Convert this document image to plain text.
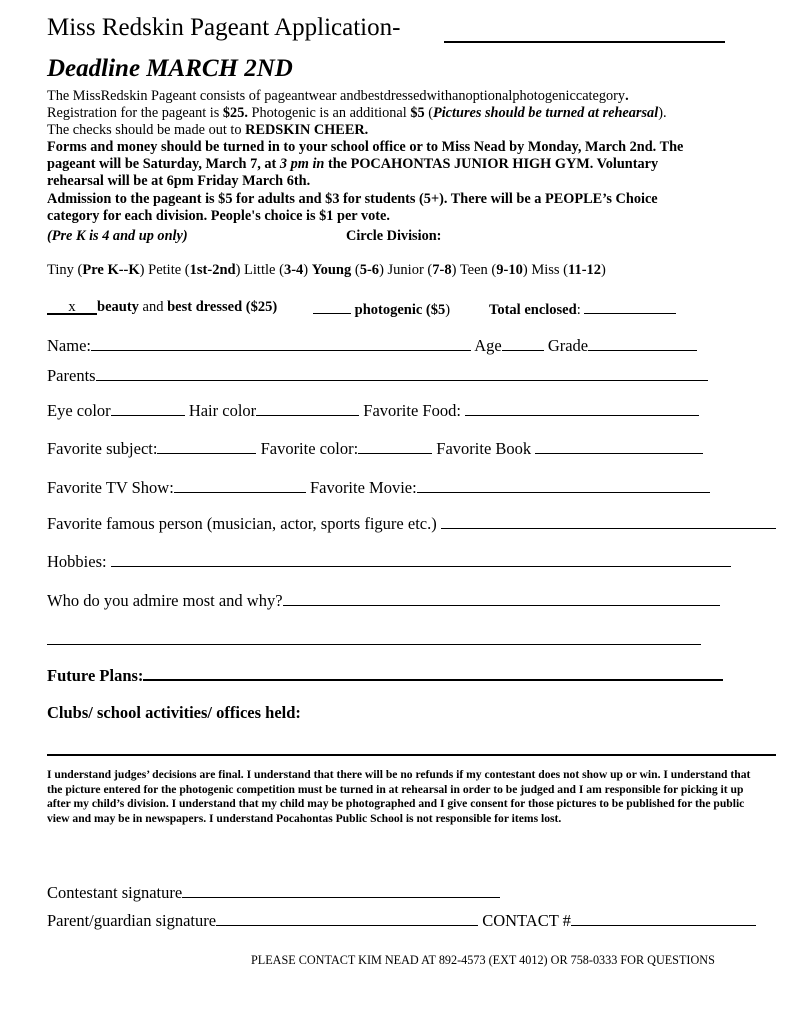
Miss Redskin Pageant Application-
Deadline MARCH 2ND
The MissRedskin Pageant consists of pageantwear andbestdressedwithanoptionalphotogeniccategory.
Registration for the pageant is $25. Photogenic is an additional $5 (Pictures should be turned at rehearsal).
The checks should be made out to REDSKIN CHEER.
Forms and money should be turned in to your school office or to Miss Nead by Monday, March 2nd. The
pageant will be Saturday, March 7, at 3 pm in the POCAHONTAS JUNIOR HIGH GYM. Voluntary
rehearsal will be at 6pm Friday March 6th.
Admission to the pageant is $5 for adults and $3 for students (5+). There will be a PEOPLE’s Choice
category for each division. People's choice is $1 per vote.
(Pre K is 4 and up only)	Circle Division:
Tiny (Pre K--K) Petite (1st-2nd) Little (3-4) Young (5-6) Junior (7-8) Teen (9-10) Miss (11-12)
x beauty and best dressed ($25)	photogenic ($5)	Total enclosed:
Name:	Age	Grade
Parents
Eye color	Hair color	Favorite Food:
Favorite subject:	Favorite color:	Favorite Book
Favorite TV Show:	Favorite Movie:
Favorite famous person (musician, actor, sports figure etc.)
Hobbies:
Who do you admire most and why?
Future Plans:
Clubs/ school activities/ offices held:
I understand judges’ decisions are final. I understand that there will be no refunds if my contestant does not show up or win. I understand that the picture entered for the photogenic competition must be turned in at rehearsal in order to be judged and I am responsible for picking it up after my child’s division. I understand that my child may be photographed and I give consent for those pictures to be published for the public view and may be in newspapers. I understand Pocahontas Public School is not responsible for items lost.
Contestant signature
Parent/guardian signature	CONTACT #
PLEASE CONTACT KIM NEAD AT 892-4573 (EXT 4012) OR 758-0333 FOR QUESTIONS
